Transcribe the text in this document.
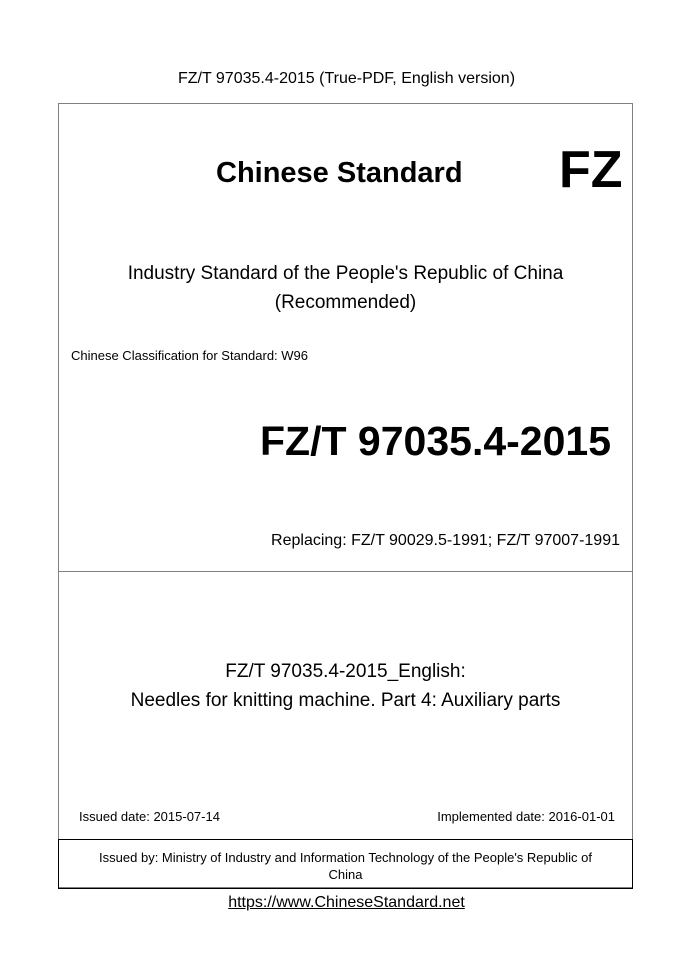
FZ/T 97035.4-2015 (True-PDF, English version)
Chinese Standard FZ
Industry Standard of the People's Republic of China
(Recommended)
Chinese Classification for Standard: W96
FZ/T 97035.4-2015
Replacing: FZ/T 90029.5-1991; FZ/T 97007-1991
FZ/T 97035.4-2015_English:
Needles for knitting machine. Part 4: Auxiliary parts
Issued date: 2015-07-14	Implemented date: 2016-01-01
Issued by: Ministry of Industry and Information Technology of the People's Republic of
China
https://www.ChineseStandard.net
